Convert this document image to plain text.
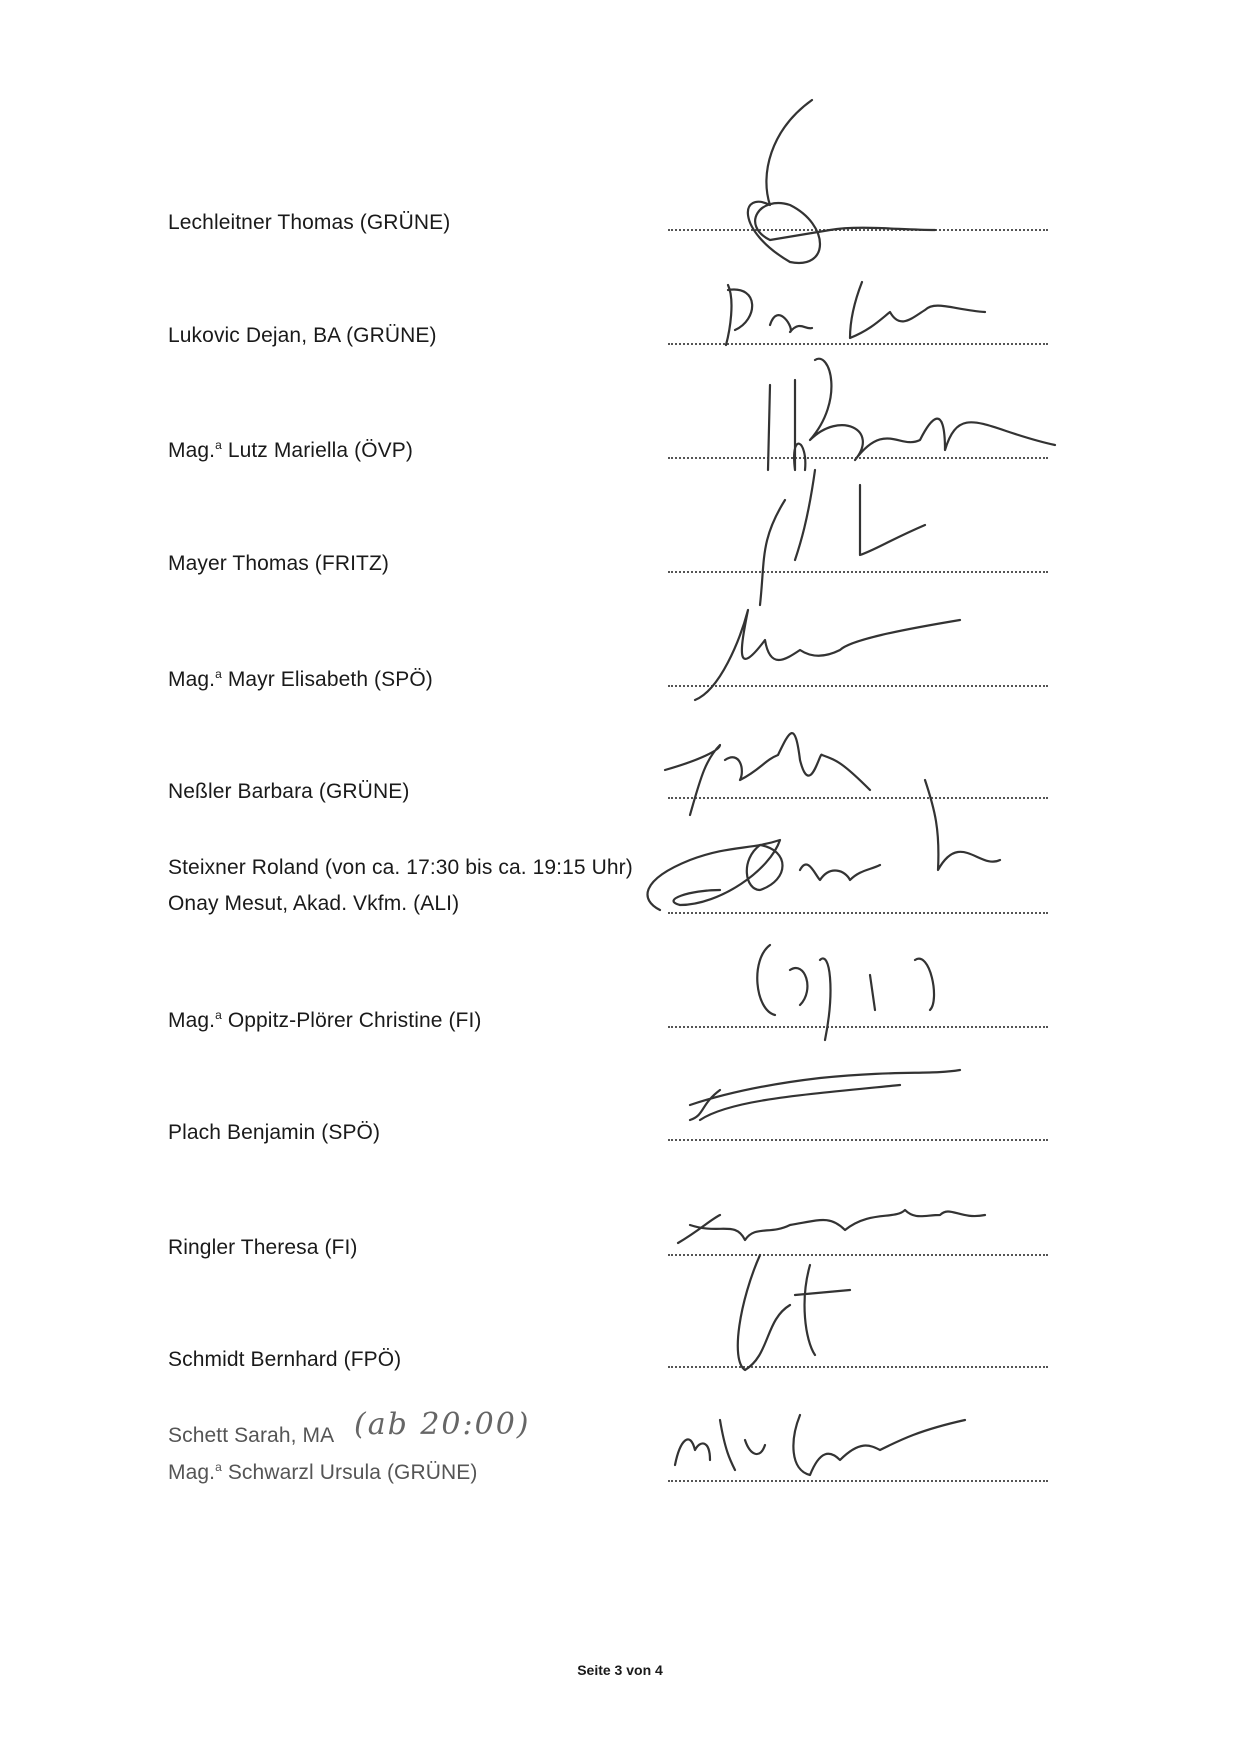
Lechleitner Thomas (GRÜNE)
Lukovic Dejan, BA (GRÜNE)
Mag.$^a$ Lutz Mariella (ÖVP)
Mayer Thomas (FRITZ)
Mag.$^a$ Mayr Elisabeth (SPÖ)
Neßler Barbara (GRÜNE)
Steixner Roland (von ca. 17:30 bis ca. 19:15 Uhr)
Onay Mesut, Akad. Vkfm. (ALI)
Mag.$^a$ Oppitz-Plörer Christine (FI)
Plach Benjamin (SPÖ)
Ringler Theresa (FI)
Schmidt Bernhard (FPÖ)
Schett Sarah, MA
Mag.$^a$ Schwarzl Ursula (GRÜNE)
(ab 20:00)
Seite 3 von 4
